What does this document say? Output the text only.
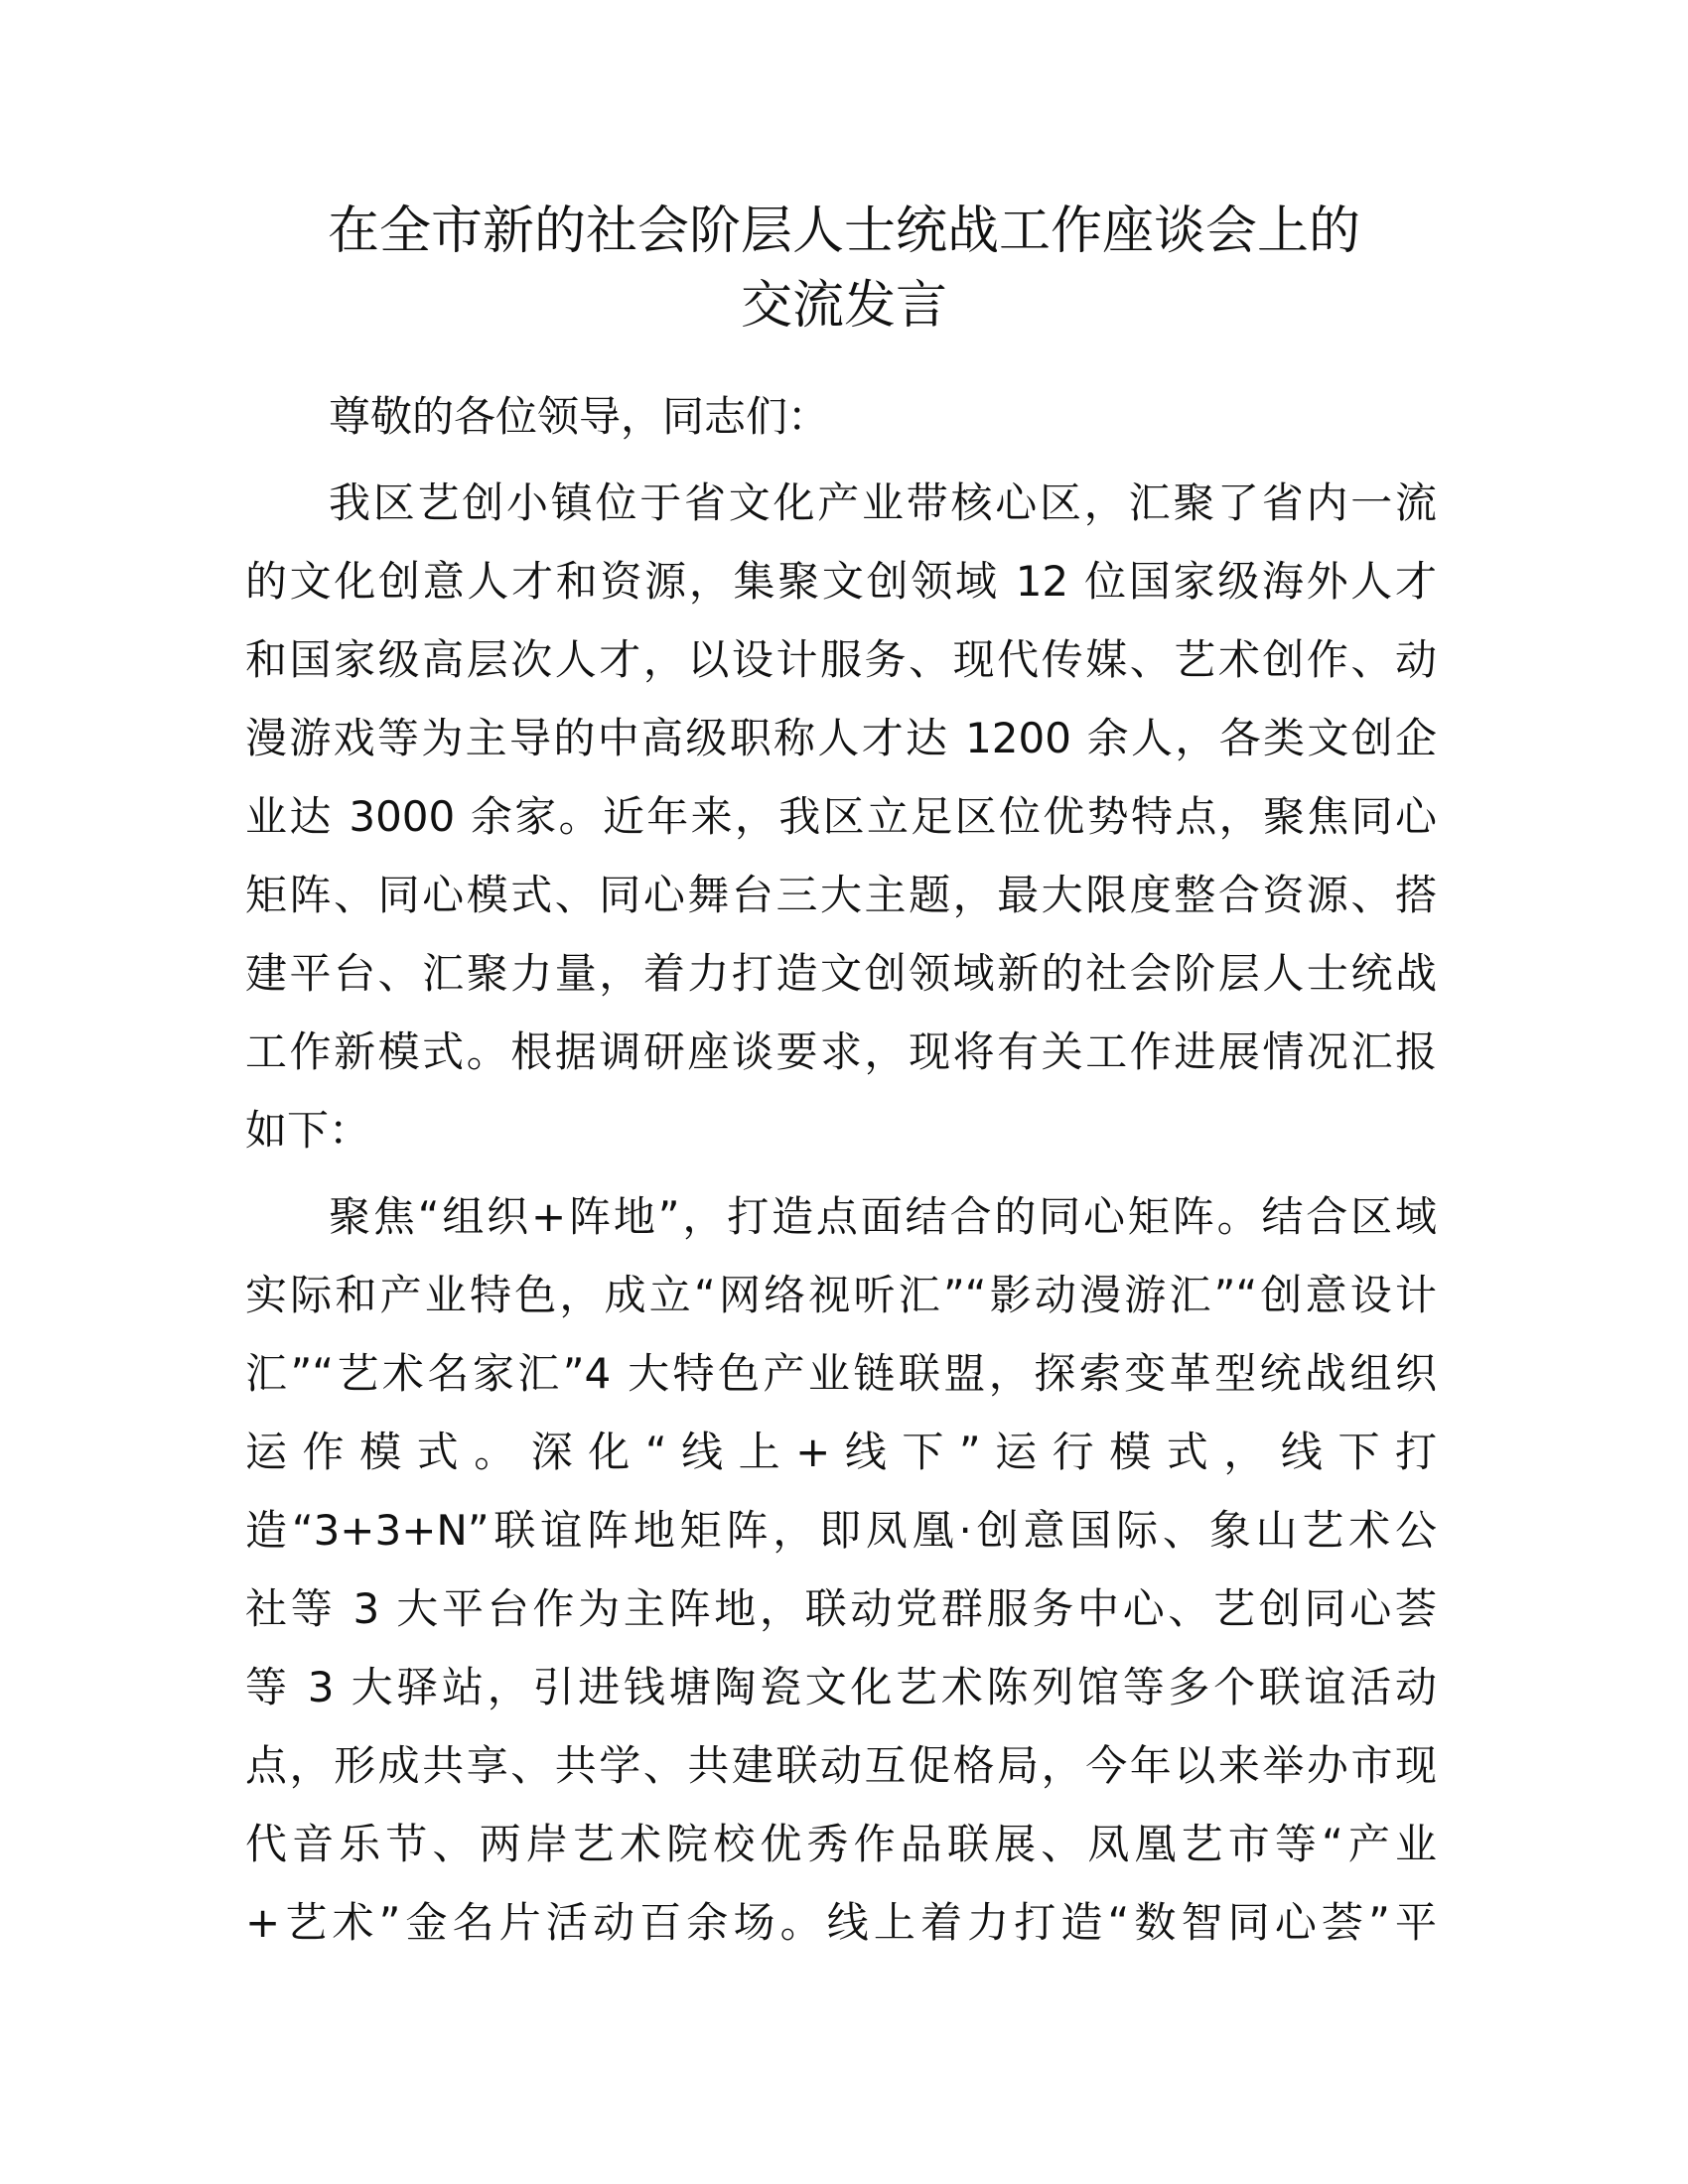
在全市新的社会阶层人士统战工作座谈会上的
交流发言

尊敬的各位领导，同志们：

我区艺创小镇位于省文化产业带核心区，汇聚了省内一流
的文化创意人才和资源，集聚文创领域 12 位国家级海外人才
和国家级高层次人才，以设计服务、现代传媒、艺术创作、动
漫游戏等为主导的中高级职称人才达 1200 余人，各类文创企
业达 3000 余家。近年来，我区立足区位优势特点，聚焦同心
矩阵、同心模式、同心舞台三大主题，最大限度整合资源、搭
建平台、汇聚力量，着力打造文创领域新的社会阶层人士统战
工作新模式。根据调研座谈要求，现将有关工作进展情况汇报
如下：

聚焦“组织+阵地”，打造点面结合的同心矩阵。结合区域
实际和产业特色，成立“网络视听汇”“影动漫游汇”“创意设计
汇”“艺术名家汇”4 大特色产业链联盟，探索变革型统战组织
运 作 模 式 。 深 化 “ 线 上 + 线 下 ” 运 行 模 式 ， 线 下 打
造“3+3+N”联谊阵地矩阵，即凤凰·创意国际、象山艺术公
社等 3 大平台作为主阵地，联动党群服务中心、艺创同心荟
等 3 大驿站，引进钱塘陶瓷文化艺术陈列馆等多个联谊活动
点，形成共享、共学、共建联动互促格局，今年以来举办市现
代音乐节、两岸艺术院校优秀作品联展、凤凰艺市等“产业
+艺术”金名片活动百余场。线上着力打造“数智同心荟”平
